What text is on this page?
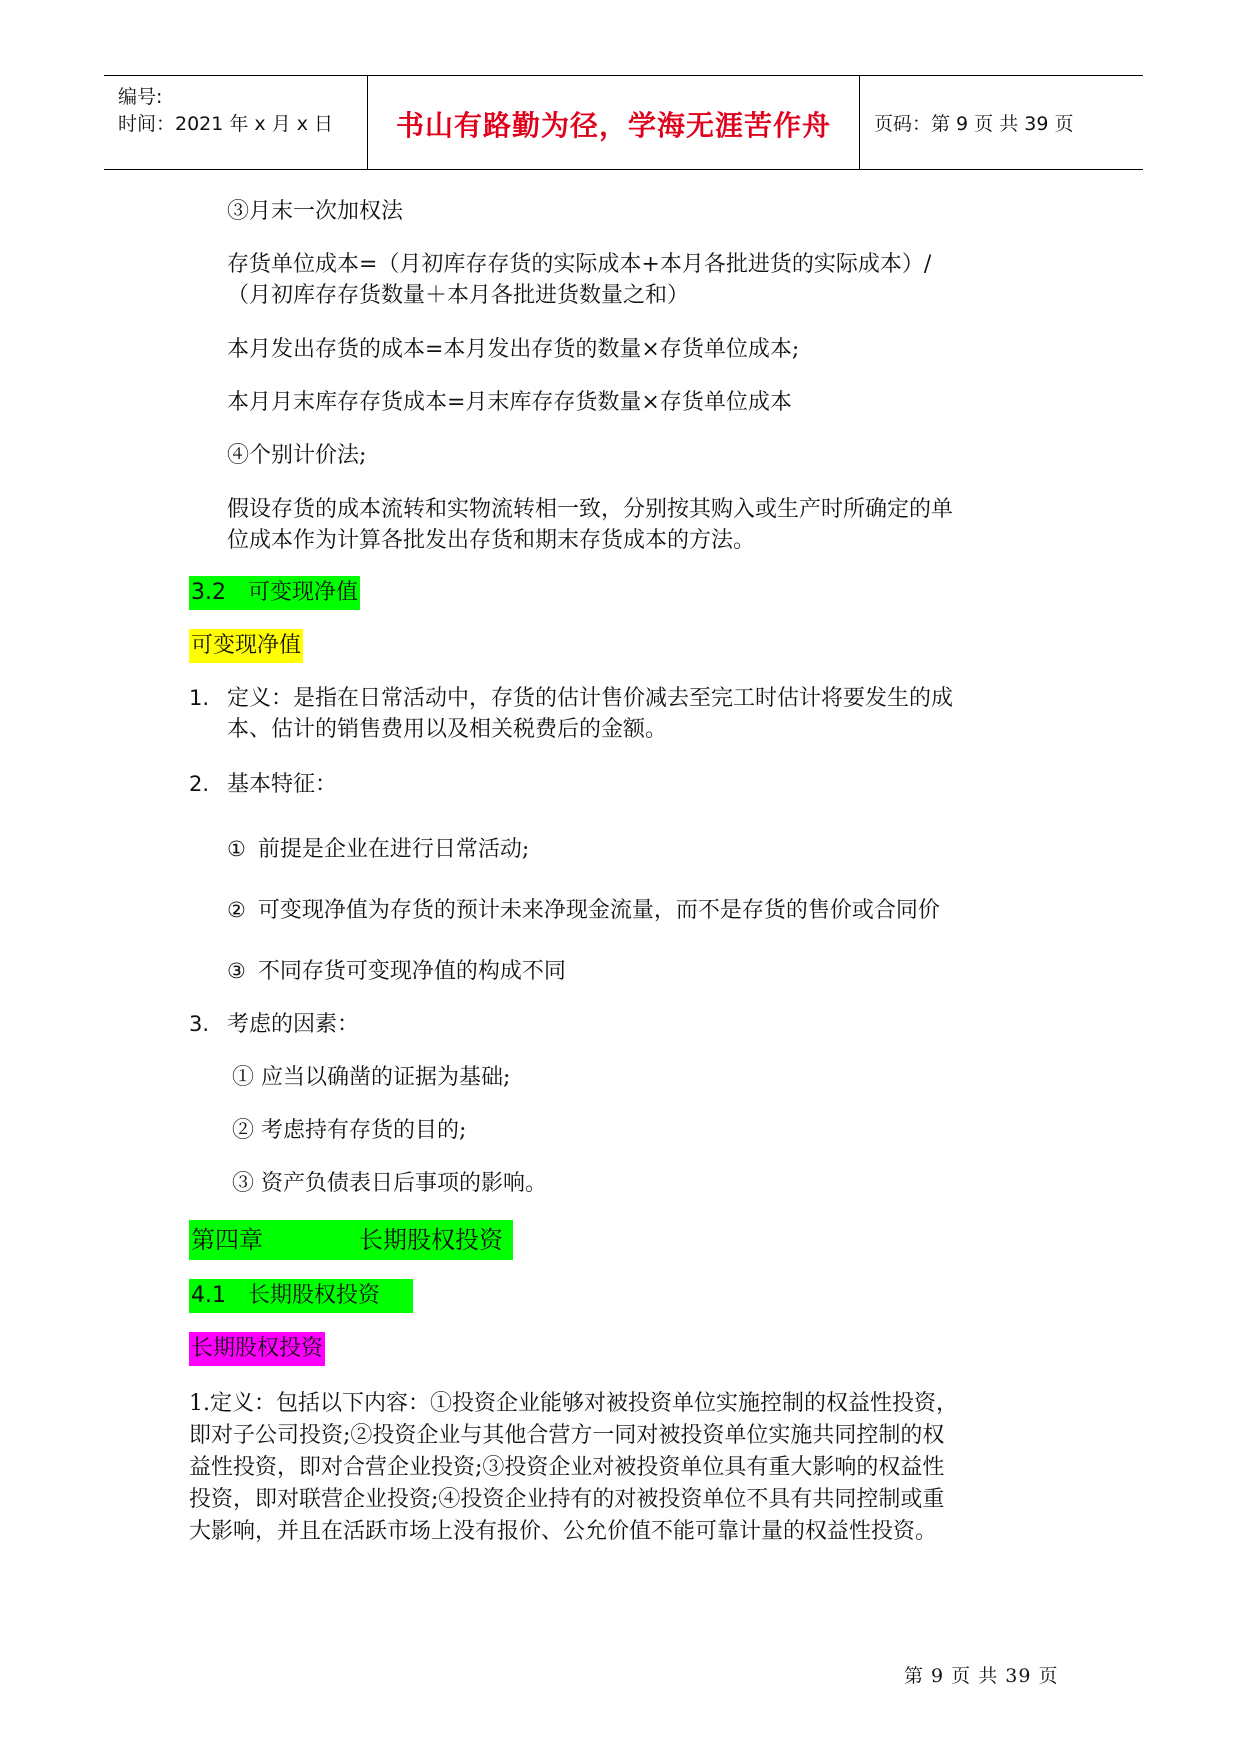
编号:
时间：2021 年 x 月 x 日	书山有路勤为径，学海无涯苦作舟	页码：第 9 页 共 39 页
③月末一次加权法
存货单位成本=（月初库存存货的实际成本+本月各批进货的实际成本）/
（月初库存存货数量＋本月各批进货数量之和）
本月发出存货的成本=本月发出存货的数量×存货单位成本;
本月月末库存存货成本=月末库存存货数量×存货单位成本
④个别计价法;
假设存货的成本流转和实物流转相一致，分别按其购入或生产时所确定的单
位成本作为计算各批发出存货和期末存货成本的方法。
3.2　可变现净值
可变现净值
1. 定义：是指在日常活动中，存货的估计售价减去至完工时估计将要发生的成
本、估计的销售费用以及相关税费后的金额。
2. 基本特征：
① 前提是企业在进行日常活动;
② 可变现净值为存货的预计未来净现金流量，而不是存货的售价或合同价
③ 不同存货可变现净值的构成不同
3. 考虑的因素：
① 应当以确凿的证据为基础;
② 考虑持有存货的目的;
③ 资产负债表日后事项的影响。
第四章　　　　长期股权投资
4.1　长期股权投资
长期股权投资
1.定义：包括以下内容：①投资企业能够对被投资单位实施控制的权益性投资，
即对子公司投资;②投资企业与其他合营方一同对被投资单位实施共同控制的权
益性投资，即对合营企业投资;③投资企业对被投资单位具有重大影响的权益性
投资，即对联营企业投资;④投资企业持有的对被投资单位不具有共同控制或重
大影响，并且在活跃市场上没有报价、公允价值不能可靠计量的权益性投资。
第 9 页 共 39 页
